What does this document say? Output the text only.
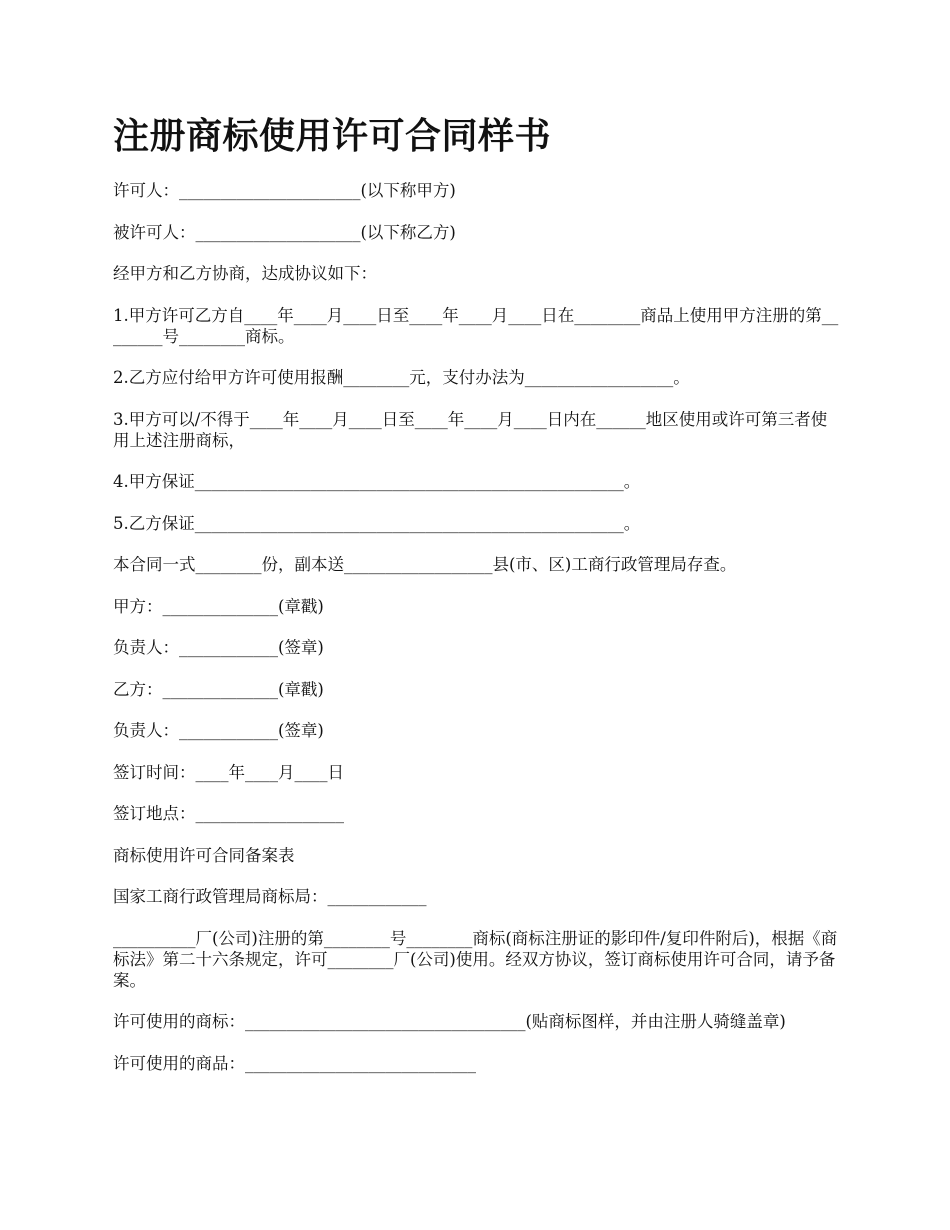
注册商标使用许可合同样书
许可人：______________________(以下称甲方)
被许可人：____________________(以下称乙方)
经甲方和乙方协商，达成协议如下：
1.甲方许可乙方自____年____月____日至____年____月____日在________商品上使用甲方注册的第________号________商标。
2.乙方应付给甲方许可使用报酬________元，支付办法为__________________。
3.甲方可以/不得于____年____月____日至____年____月____日内在______地区使用或许可第三者使用上述注册商标，
4.甲方保证____________________________________________________。
5.乙方保证____________________________________________________。
本合同一式________份，副本送__________________县(市、区)工商行政管理局存查。
甲方：______________(章戳)
负责人：____________(签章)
乙方：______________(章戳)
负责人：____________(签章)
签订时间：____年____月____日
签订地点：__________________
商标使用许可合同备案表
国家工商行政管理局商标局：____________
__________厂(公司)注册的第________号________商标(商标注册证的影印件/复印件附后)，根据《商标法》第二十六条规定，许可________厂(公司)使用。经双方协议，签订商标使用许可合同，请予备案。
许可使用的商标：__________________________________(贴商标图样，并由注册人骑缝盖章)
许可使用的商品：____________________________
